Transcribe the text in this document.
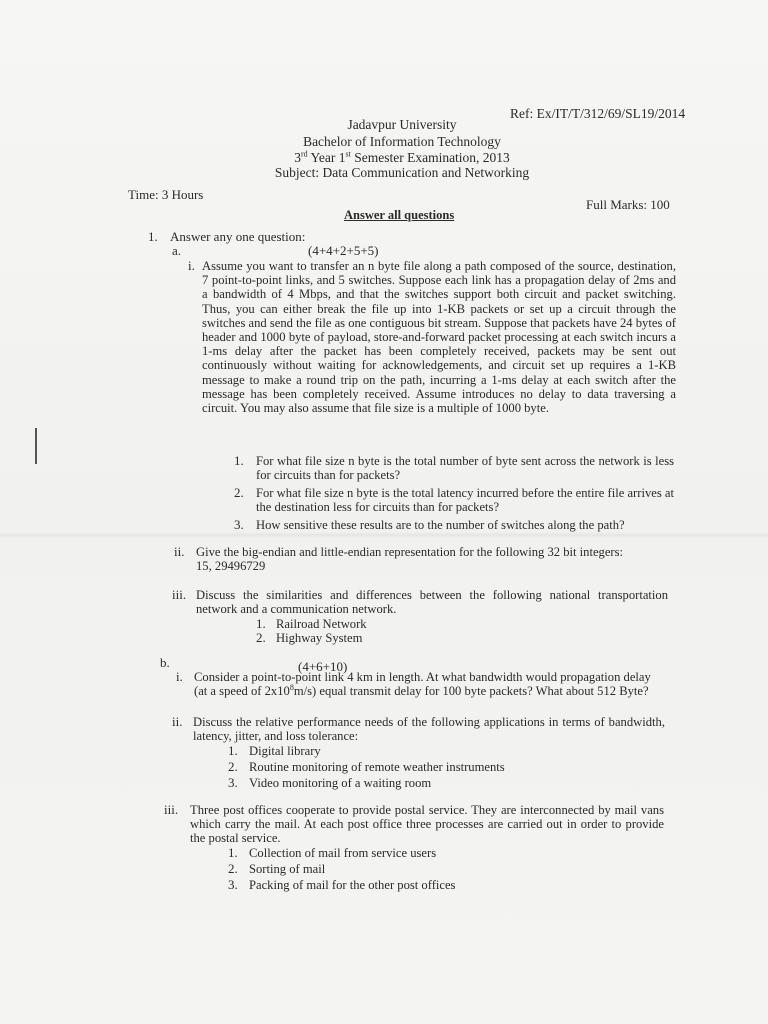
Ref: Ex/IT/T/312/69/SL19/2014
Jadavpur University
Bachelor of Information Technology
3rd Year 1st Semester Examination, 2013
Subject: Data Communication and Networking
Time: 3 Hours
Full Marks: 100
Answer all questions
1. Answer any one question:
a.	(4+4+2+5+5)
i. Assume you want to transfer an n byte file along a path composed of the source, destination, 7 point-to-point links, and 5 switches. Suppose each link has a propagation delay of 2ms and a bandwidth of 4 Mbps, and that the switches support both circuit and packet switching. Thus, you can either break the file up into 1-KB packets or set up a circuit through the switches and send the file as one contiguous bit stream. Suppose that packets have 24 bytes of header and 1000 byte of payload, store-and-forward packet processing at each switch incurs a 1-ms delay after the packet has been completely received, packets may be sent out continuously without waiting for acknowledgements, and circuit set up requires a 1-KB message to make a round trip on the path, incurring a 1-ms delay at each switch after the message has been completely received. Assume introduces no delay to data traversing a circuit. You may also assume that file size is a multiple of 1000 byte.
1. For what file size n byte is the total number of byte sent across the network is less for circuits than for packets?
2. For what file size n byte is the total latency incurred before the entire file arrives at the destination less for circuits than for packets?
3. How sensitive these results are to the number of switches along the path?
ii. Give the big-endian and little-endian representation for the following 32 bit integers:
15, 29496729
iii. Discuss the similarities and differences between the following national transportation network and a communication network.
1. Railroad Network
2. Highway System
b.	(4+6+10)
i. Consider a point-to-point link 4 km in length. At what bandwidth would propagation delay
(at a speed of $2x10^8m/s$) equal transmit delay for 100 byte packets? What about 512 Byte?
ii. Discuss the relative performance needs of the following applications in terms of bandwidth, latency, jitter, and loss tolerance:
1. Digital library
2. Routine monitoring of remote weather instruments
3. Video monitoring of a waiting room
iii. Three post offices cooperate to provide postal service. They are interconnected by mail vans which carry the mail. At each post office three processes are carried out in order to provide the postal service.
1. Collection of mail from service users
2. Sorting of mail
3. Packing of mail for the other post offices
